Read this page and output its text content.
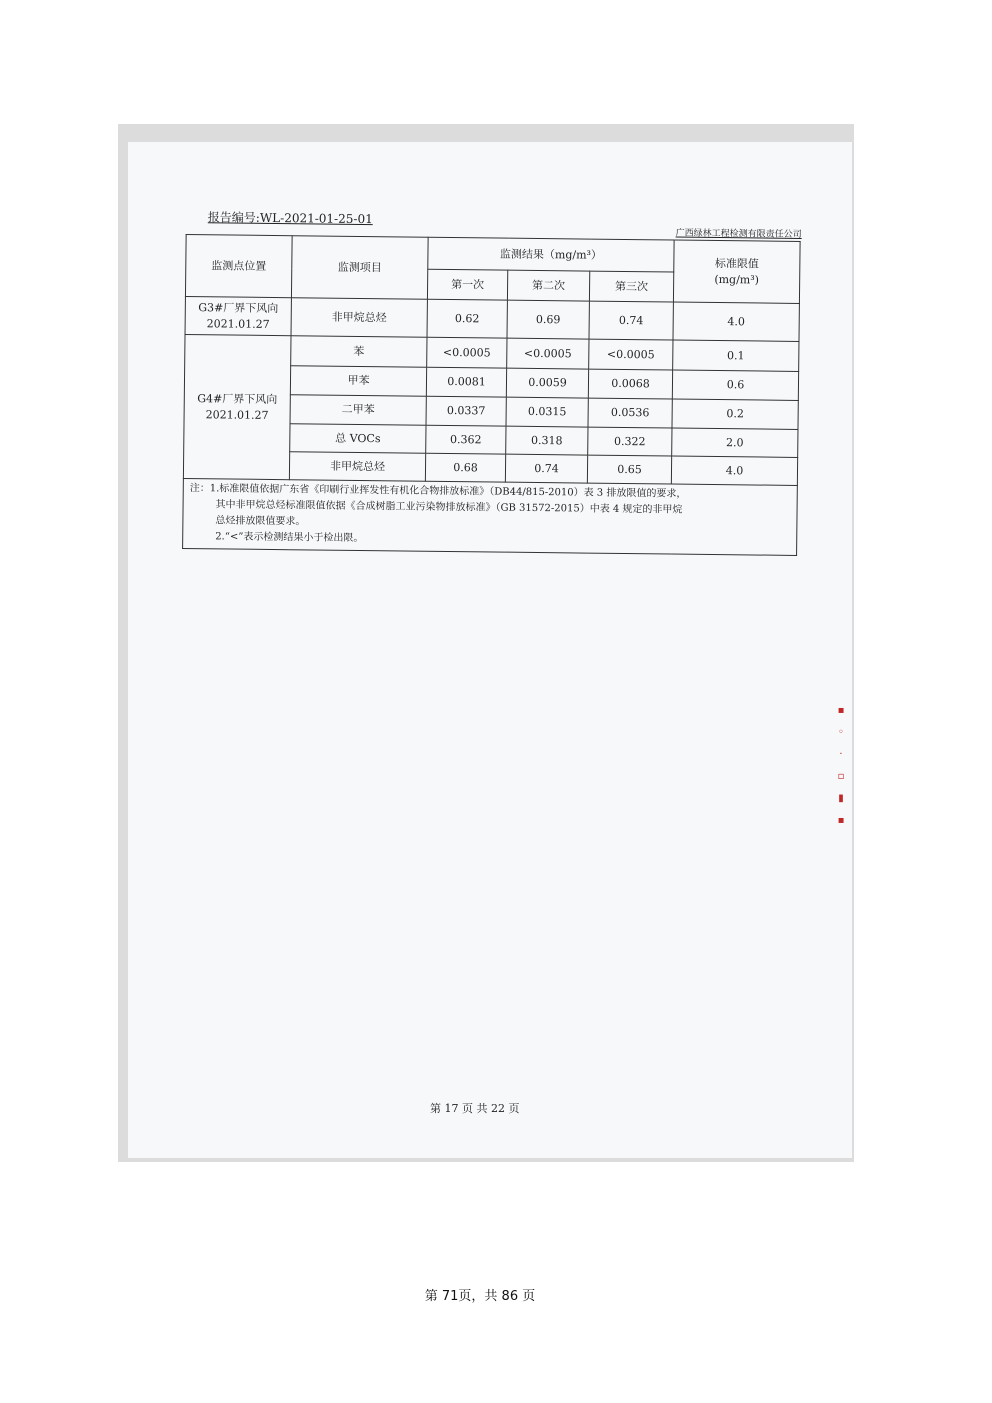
报告编号:WL-2021-01-25-01
广西绿林工程检测有限责任公司
监测点位置	监测项目	监测结果（mg/m³）			标准限值
(mg/m³)

		第一次	第二次	第三次	

G3#厂界下风向
2021.01.27	非甲烷总烃	0.62	0.69	0.74	4.0

G4#厂界下风向
2021.01.27	苯	<0.0005	<0.0005	<0.0005	0.1
	甲苯	0.0081	0.0059	0.0068	0.6
	二甲苯	0.0337	0.0315	0.0536	0.2
	总 VOCs	0.362	0.318	0.322	2.0
	非甲烷总烃	0.68	0.74	0.65	4.0

注：1.标准限值依据广东省《印刷行业挥发性有机化合物排放标准》（DB44/815-2010）表 3 排放限值的要求，
其中非甲烷总烃标准限值依据《合成树脂工业污染物排放标准》（GB 31572-2015）中表 4 规定的非甲烷
总烃排放限值要求。
2.“<”表示检测结果小于检出限。					
▪
◦
·
▫
▮
▪
第 17 页 共 22 页
第 71页，共 86 页
